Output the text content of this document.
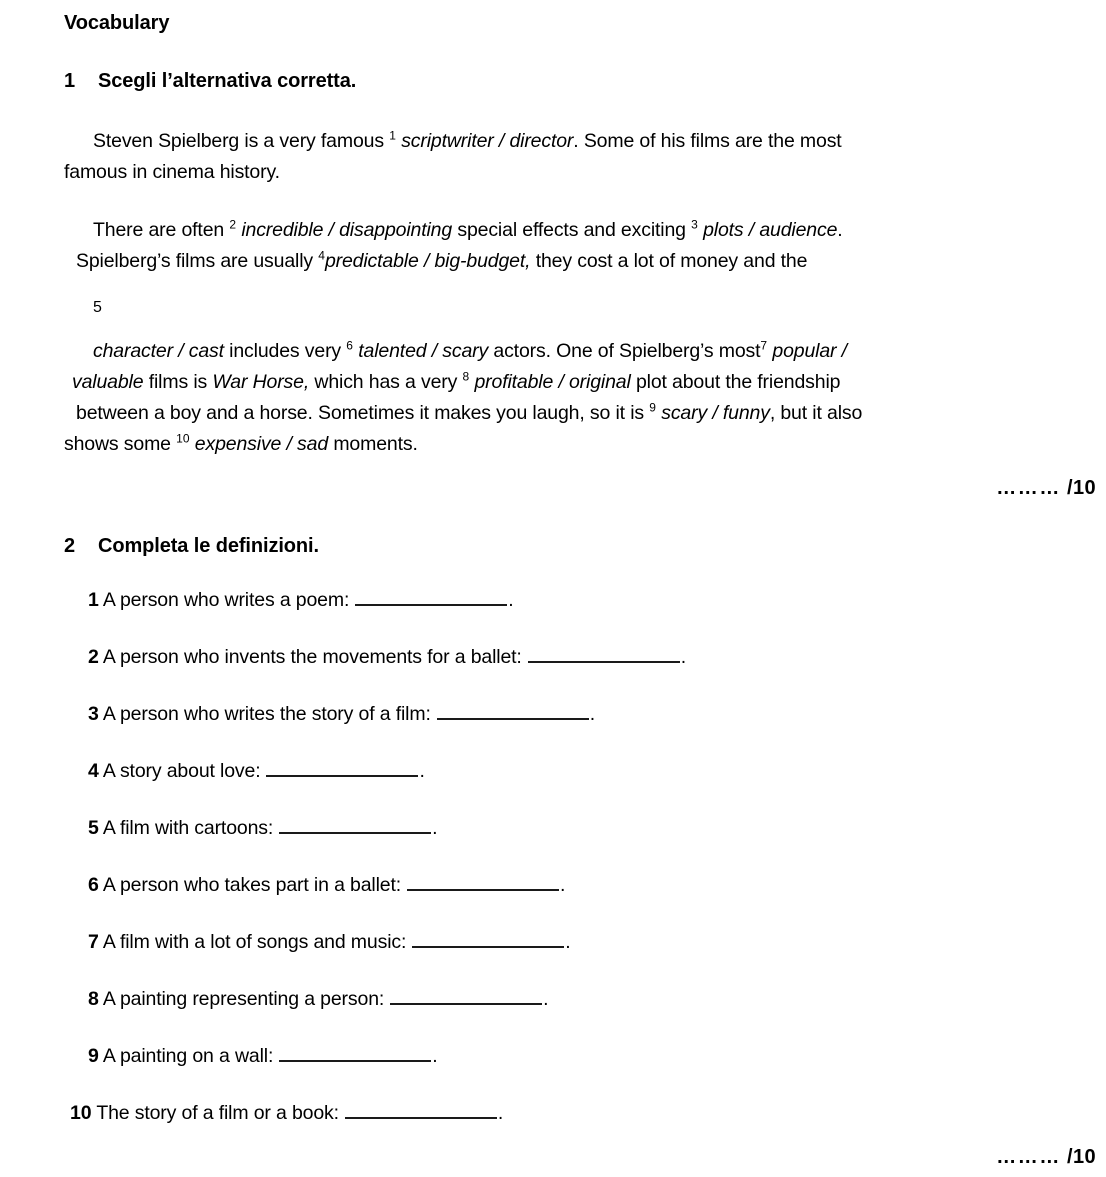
Vocabulary
1 Scegli l’alternativa corretta.
Steven Spielberg is a very famous $^1$ scriptwriter / director. Some of his films are the most
famous in cinema history.
There are often $^2$ incredible / disappointing special effects and exciting $^3$ plots / audience.
Spielberg’s films are usually $^4$predictable / big-budget, they cost a lot of money and the
5

character / cast includes very $^6$ talented / scary actors. One of Spielberg’s most$^7$ popular /
valuable films is War Horse, which has a very $^8$ profitable / original plot about the friendship
between a boy and a horse. Sometimes it makes you laugh, so it is $^9$ scary / funny, but it also
shows some $^{10}$ expensive / sad moments.
……… /10
2 Completa le definizioni.
1 A person who writes a poem:	.
2 A person who invents the movements for a ballet:	.
3 A person who writes the story of a film:	.
4 A story about love:	.
5 A film with cartoons:	.
6 A person who takes part in a ballet:	.
7 A film with a lot of songs and music:	.
8 A painting representing a person:	.
9 A painting on a wall:	.
10 The story of a film or a book:	.
……… /10
